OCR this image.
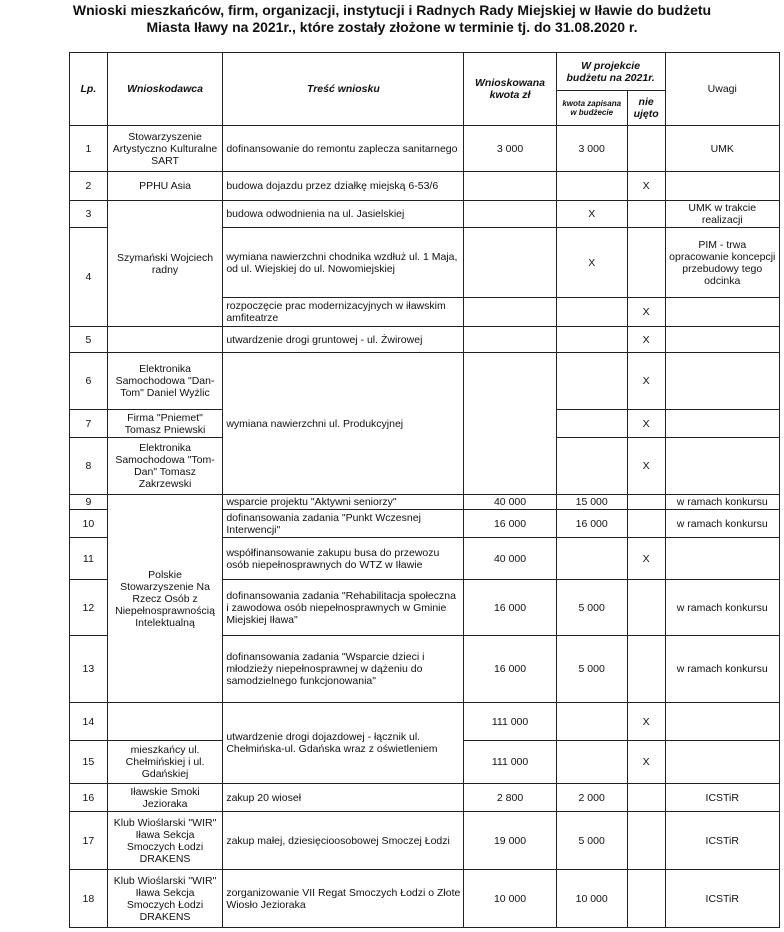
Wnioski mieszkańców, firm, organizacji, instytucji i Radnych Rady Miejskiej w Iławie do budżetu
Miasta Iławy na 2021r., które zostały złożone w terminie tj. do 31.08.2020 r.
Lp.	Wnioskodawca	Treść wniosku	Wnioskowana kwota zł	W projekcie budżetu na 2021r.		Uwagi
				kwota zapisana w budżecie	nie ujęto	
1	Stowarzyszenie Artystyczno Kulturalne SART	dofinansowanie do remontu zaplecza sanitarnego	3 000	3 000		UMK
2	PPHU Asia	budowa dojazdu przez działkę miejską 6-53/6			X	
3	Szymański Wojciech radny	budowa odwodnienia na ul. Jasielskiej		X		UMK w trakcie realizacji
4		wymiana nawierzchni chodnika wzdłuż ul. 1 Maja, od ul. Wiejskiej do ul. Nowomiejskiej		X		PIM - trwa opracowanie koncepcji przebudowy tego odcinka
		rozpoczęcie prac modernizacyjnych w iławskim amfiteatrze			X	
5		utwardzenie drogi gruntowej - ul. Żwirowej			X	
6	Elektronika Samochodowa "Dan-Tom" Daniel Wyżlic	wymiana nawierzchni ul. Produkcyjnej			X	
7	Firma "Pniemet" Tomasz Pniewski				X	
8	Elektronika Samochodowa "Tom-Dan" Tomasz Zakrzewski				X	
9	Polskie Stowarzyszenie Na Rzecz Osób z Niepełnosprawnością Intelektualną	wsparcie projektu "Aktywni seniorzy"	40 000	15 000		w ramach konkursu
10		dofinansowania zadania "Punkt Wczesnej Interwencji"	16 000	16 000		w ramach konkursu
11		współfinansowanie zakupu busa do przewozu osób niepełnosprawnych do WTZ w Iławie	40 000		X	
12		dofinansowania zadania "Rehabilitacja społeczna i zawodowa osób niepełnosprawnych w Gminie Miejskiej Iława"	16 000	5 000		w ramach konkursu
13		dofinansowania zadania "Wsparcie dzieci i młodzieży niepełnosprawnej w dążeniu do samodzielnego funkcjonowania"	16 000	5 000		w ramach konkursu
14		utwardzenie drogi dojazdowej - łącznik ul. Chełmińska-ul. Gdańska wraz z oświetleniem	111 000		X	
15	mieszkańcy ul. Chełmińskiej i ul. Gdańskiej		111 000		X	
16	Iławskie Smoki Jezioraka	zakup 20 wioseł	2 800	2 000		ICSTiR
17	Klub Wioślarski "WIR" Iława Sekcja Smoczych Łodzi DRAKENS	zakup małej, dziesięcioosobowej Smoczej Łodzi	19 000	5 000		ICSTiR
18	Klub Wioślarski "WIR" Iława Sekcja Smoczych Łodzi DRAKENS	zorganizowanie VII Regat Smoczych Łodzi o Złote Wiosło Jezioraka	10 000	10 000		ICSTiR
